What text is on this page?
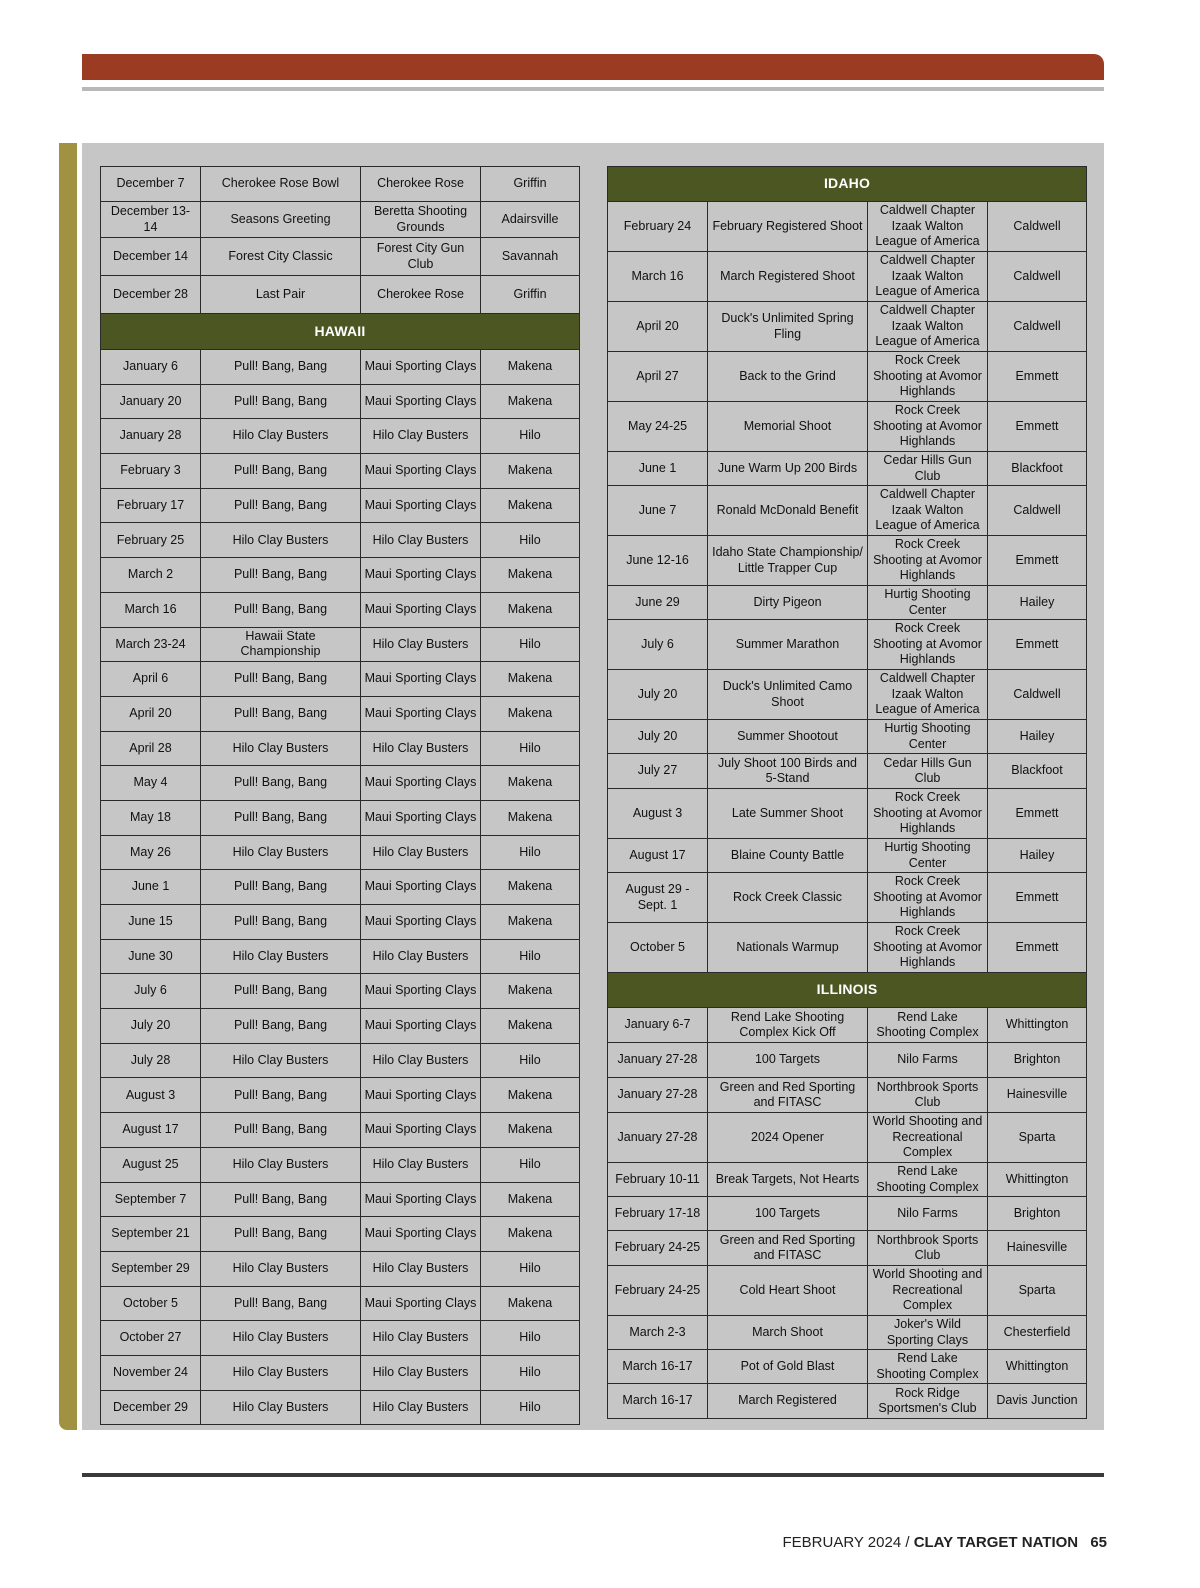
December 7	Cherokee Rose Bowl	Cherokee Rose	Griffin
December 13-14	Seasons Greeting	Beretta Shooting Grounds	Adairsville
December 14	Forest City Classic	Forest City Gun Club	Savannah
December 28	Last Pair	Cherokee Rose	Griffin
HAWAII			
January 6	Pull! Bang, Bang	Maui Sporting Clays	Makena
January 20	Pull! Bang, Bang	Maui Sporting Clays	Makena
January 28	Hilo Clay Busters	Hilo Clay Busters	Hilo
February 3	Pull! Bang, Bang	Maui Sporting Clays	Makena
February 17	Pull! Bang, Bang	Maui Sporting Clays	Makena
February 25	Hilo Clay Busters	Hilo Clay Busters	Hilo
March 2	Pull! Bang, Bang	Maui Sporting Clays	Makena
March 16	Pull! Bang, Bang	Maui Sporting Clays	Makena
March 23-24	Hawaii State Championship	Hilo Clay Busters	Hilo
April 6	Pull! Bang, Bang	Maui Sporting Clays	Makena
April 20	Pull! Bang, Bang	Maui Sporting Clays	Makena
April 28	Hilo Clay Busters	Hilo Clay Busters	Hilo
May 4	Pull! Bang, Bang	Maui Sporting Clays	Makena
May 18	Pull! Bang, Bang	Maui Sporting Clays	Makena
May 26	Hilo Clay Busters	Hilo Clay Busters	Hilo
June 1	Pull! Bang, Bang	Maui Sporting Clays	Makena
June 15	Pull! Bang, Bang	Maui Sporting Clays	Makena
June 30	Hilo Clay Busters	Hilo Clay Busters	Hilo
July 6	Pull! Bang, Bang	Maui Sporting Clays	Makena
July 20	Pull! Bang, Bang	Maui Sporting Clays	Makena
July 28	Hilo Clay Busters	Hilo Clay Busters	Hilo
August 3	Pull! Bang, Bang	Maui Sporting Clays	Makena
August 17	Pull! Bang, Bang	Maui Sporting Clays	Makena
August 25	Hilo Clay Busters	Hilo Clay Busters	Hilo
September 7	Pull! Bang, Bang	Maui Sporting Clays	Makena
September 21	Pull! Bang, Bang	Maui Sporting Clays	Makena
September 29	Hilo Clay Busters	Hilo Clay Busters	Hilo
October 5	Pull! Bang, Bang	Maui Sporting Clays	Makena
October 27	Hilo Clay Busters	Hilo Clay Busters	Hilo
November 24	Hilo Clay Busters	Hilo Clay Busters	Hilo
December 29	Hilo Clay Busters	Hilo Clay Busters	Hilo
IDAHO			
February 24	February Registered Shoot	Caldwell Chapter Izaak Walton League of America	Caldwell
March 16	March Registered Shoot	Caldwell Chapter Izaak Walton League of America	Caldwell
April 20	Duck's Unlimited Spring Fling	Caldwell Chapter Izaak Walton League of America	Caldwell
April 27	Back to the Grind	Rock Creek Shooting at Avomor Highlands	Emmett
May 24-25	Memorial Shoot	Rock Creek Shooting at Avomor Highlands	Emmett
June 1	June Warm Up 200 Birds	Cedar Hills Gun Club	Blackfoot
June 7	Ronald McDonald Benefit	Caldwell Chapter Izaak Walton League of America	Caldwell
June 12-16	Idaho State Championship/ Little Trapper Cup	Rock Creek Shooting at Avomor Highlands	Emmett
June 29	Dirty Pigeon	Hurtig Shooting Center	Hailey
July 6	Summer Marathon	Rock Creek Shooting at Avomor Highlands	Emmett
July 20	Duck's Unlimited Camo Shoot	Caldwell Chapter Izaak Walton League of America	Caldwell
July 20	Summer Shootout	Hurtig Shooting Center	Hailey
July 27	July Shoot 100 Birds and 5-Stand	Cedar Hills Gun Club	Blackfoot
August 3	Late Summer Shoot	Rock Creek Shooting at Avomor Highlands	Emmett
August 17	Blaine County Battle	Hurtig Shooting Center	Hailey
August 29 -Sept. 1	Rock Creek Classic	Rock Creek Shooting at Avomor Highlands	Emmett
October 5	Nationals Warmup	Rock Creek Shooting at Avomor Highlands	Emmett
ILLINOIS			
January 6-7	Rend Lake Shooting Complex Kick Off	Rend Lake Shooting Complex	Whittington
January 27-28	100 Targets	Nilo Farms	Brighton
January 27-28	Green and Red Sporting and FITASC	Northbrook Sports Club	Hainesville
January 27-28	2024 Opener	World Shooting and Recreational Complex	Sparta
February 10-11	Break Targets, Not Hearts	Rend Lake Shooting Complex	Whittington
February 17-18	100 Targets	Nilo Farms	Brighton
February 24-25	Green and Red Sporting and FITASC	Northbrook Sports Club	Hainesville
February 24-25	Cold Heart Shoot	World Shooting and Recreational Complex	Sparta
March 2-3	March Shoot	Joker's Wild Sporting Clays	Chesterfield
March 16-17	Pot of Gold Blast	Rend Lake Shooting Complex	Whittington
March 16-17	March Registered	Rock Ridge Sportsmen's Club	Davis Junction
FEBRUARY 2024 / CLAY TARGET NATION 65
